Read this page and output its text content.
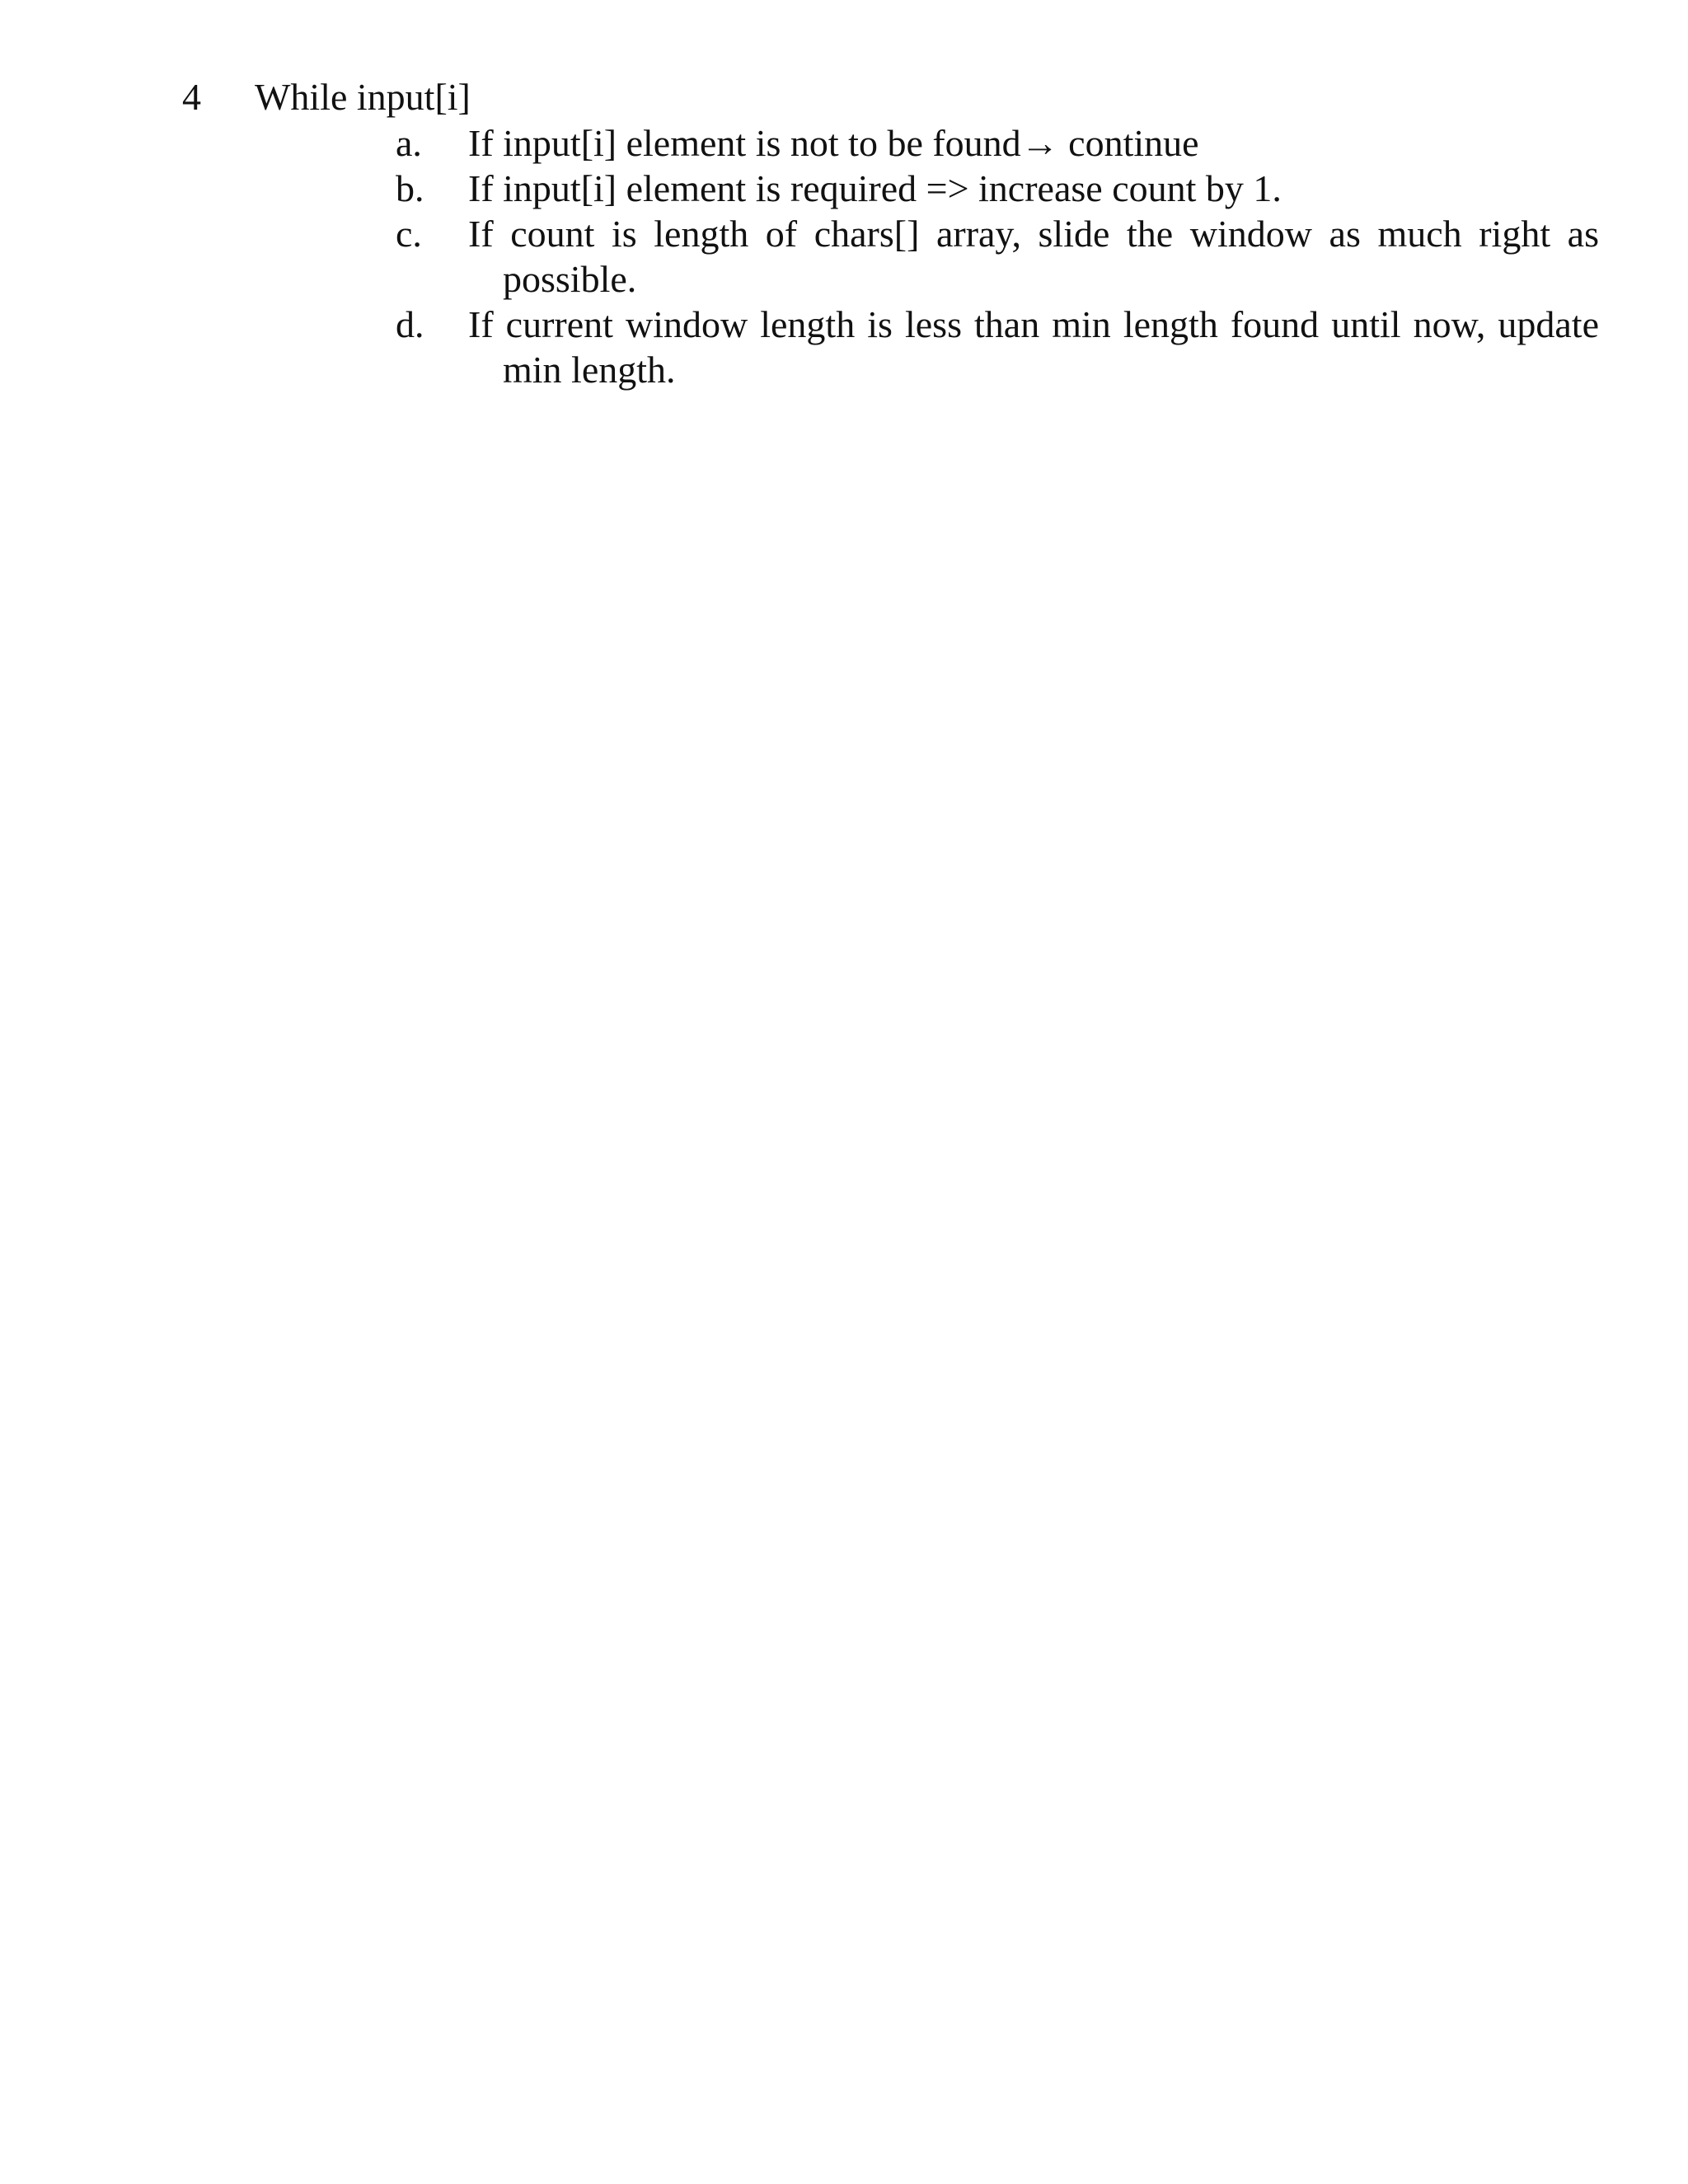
4 While input[i]
a.	If input[i] element is not to be found→ continue
b.	If input[i] element is required => increase count by 1.
c. If count is length of chars[] array, slide the window as much right as possible.
d. If current window length is less than min length found until now, update min length.
